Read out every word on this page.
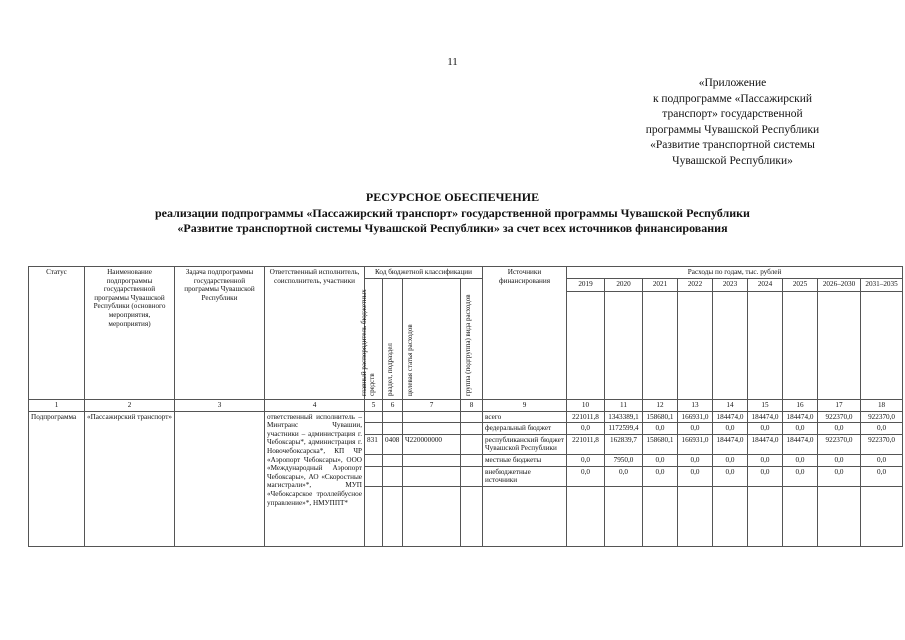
11
«Приложение
к подпрограмме «Пассажирский
транспорт» государственной
программы Чувашской Республики
«Развитие транспортной системы
Чувашской Республики»
РЕСУРСНОЕ ОБЕСПЕЧЕНИЕ
реализации подпрограммы «Пассажирский транспорт» государственной программы Чувашской Республики
«Развитие транспортной системы Чувашской Республики» за счет всех источников финансирования
Статус	Наименование подпрограммы государственной программы Чувашской Республики (основного мероприятия, мероприятия)	Задача подпрограммы государственной программы Чувашской Республики	Ответственный исполнитель, соисполнитель, участники	Код бюджетной классификации				Источники финансирования	Расходы по годам, тыс. рублей								

				главный распорядитель бюджетных средств	раздел, подраздел	целевая статья расходов	группа (подгруппа) вида расходов		2019	2020	2021	2022	2023	2024	2025	2026–2030	2031–2035

1	2	3	4	5	6	7	8	9	10	11	12	13	14	15	16	17	18
Подпрограмма	«Пассажирский транспорт»		ответственный исполнитель – Минтранс Чувашии, участники – администрация г. Чебоксары*, администрация г. Новочебоксарска*, КП ЧР «Аэропорт Чебоксары», ООО «Международный Аэропорт Чебоксары», АО «Скоростные магистрали»*, МУП «Чебоксарское троллейбусное управление»*, НМУППТ*					всего	221011,8	1343389,1	158680,1	166931,0	184474,0	184474,0	184474,0	922370,0	922370,0
								федеральный бюджет	0,0	1172599,4	0,0	0,0	0,0	0,0	0,0	0,0	0,0
				831	0408	Ч220000000		республиканский бюджет Чувашской Республики	221011,8	162839,7	158680,1	166931,0	184474,0	184474,0	184474,0	922370,0	922370,0
								местные бюджеты	0,0	7950,0	0,0	0,0	0,0	0,0	0,0	0,0	0,0
								внебюджетные источники	0,0	0,0	0,0	0,0	0,0	0,0	0,0	0,0	0,0
